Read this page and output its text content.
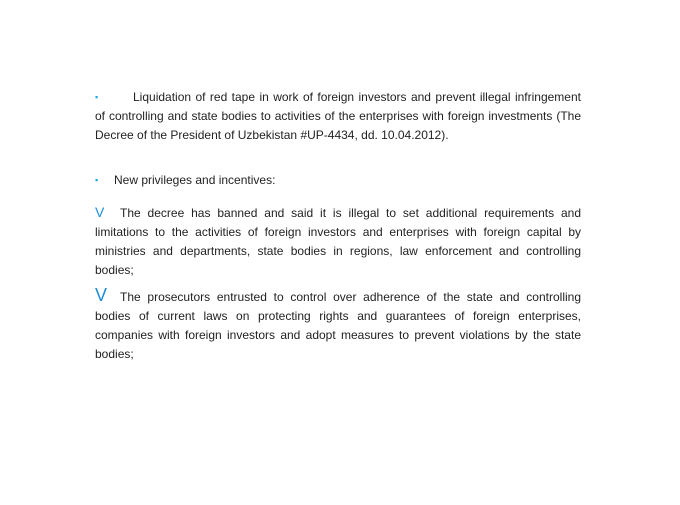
▪	Liquidation of red tape in work of foreign investors and prevent illegal infringement of controlling and state bodies to activities of the enterprises with foreign investments (The Decree of the President of Uzbekistan #UP-4434, dd. 10.04.2012).

▪ New privileges and incentives:

V The decree has banned and said it is illegal to set additional requirements and limitations to the activities of foreign investors and enterprises with foreign capital by ministries and departments, state bodies in regions, law enforcement and controlling bodies;

V The prosecutors entrusted to control over adherence of the state and controlling bodies of current laws on protecting rights and guarantees of foreign enterprises, companies with foreign investors and adopt measures to prevent violations by the state bodies;
